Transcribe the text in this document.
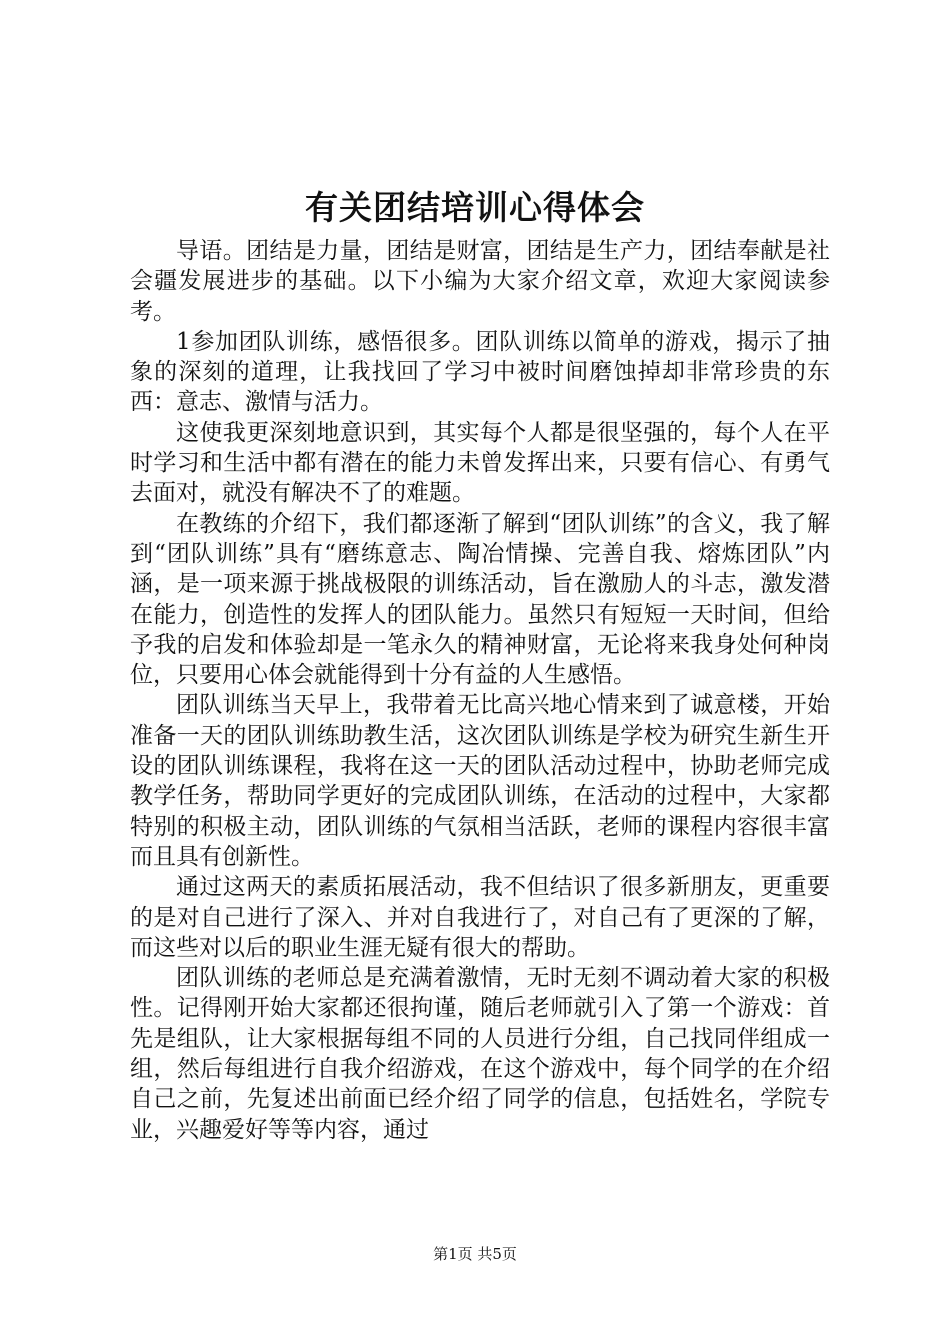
有关团结培训心得体会

导语。团结是力量，团结是财富，团结是生产力，团结奉献是社会疆发展进步的基础。以下小编为大家介绍文章，欢迎大家阅读参考。

1参加团队训练，感悟很多。团队训练以简单的游戏，揭示了抽象的深刻的道理，让我找回了学习中被时间磨蚀掉却非常珍贵的东西：意志、激情与活力。

这使我更深刻地意识到，其实每个人都是很坚强的，每个人在平时学习和生活中都有潜在的能力未曾发挥出来，只要有信心、有勇气去面对，就没有解决不了的难题。

在教练的介绍下，我们都逐渐了解到“团队训练”的含义，我了解到“团队训练”具有“磨练意志、陶冶情操、完善自我、熔炼团队”内涵，是一项来源于挑战极限的训练活动，旨在激励人的斗志，激发潜在能力，创造性的发挥人的团队能力。虽然只有短短一天时间，但给予我的启发和体验却是一笔永久的精神财富，无论将来我身处何种岗位，只要用心体会就能得到十分有益的人生感悟。

团队训练当天早上，我带着无比高兴地心情来到了诚意楼，开始准备一天的团队训练助教生活，这次团队训练是学校为研究生新生开设的团队训练课程，我将在这一天的团队活动过程中，协助老师完成教学任务，帮助同学更好的完成团队训练，在活动的过程中，大家都特别的积极主动，团队训练的气氛相当活跃，老师的课程内容很丰富而且具有创新性。

通过这两天的素质拓展活动，我不但结识了很多新朋友，更重要的是对自己进行了深入、并对自我进行了，对自己有了更深的了解，而这些对以后的职业生涯无疑有很大的帮助。

团队训练的老师总是充满着激情，无时无刻不调动着大家的积极性。记得刚开始大家都还很拘谨，随后老师就引入了第一个游戏：首先是组队，让大家根据每组不同的人员进行分组，自己找同伴组成一组，然后每组进行自我介绍游戏，在这个游戏中，每个同学的在介绍自己之前，先复述出前面已经介绍了同学的信息，包括姓名，学院专业，兴趣爱好等等内容，通过

第1页 共5页
